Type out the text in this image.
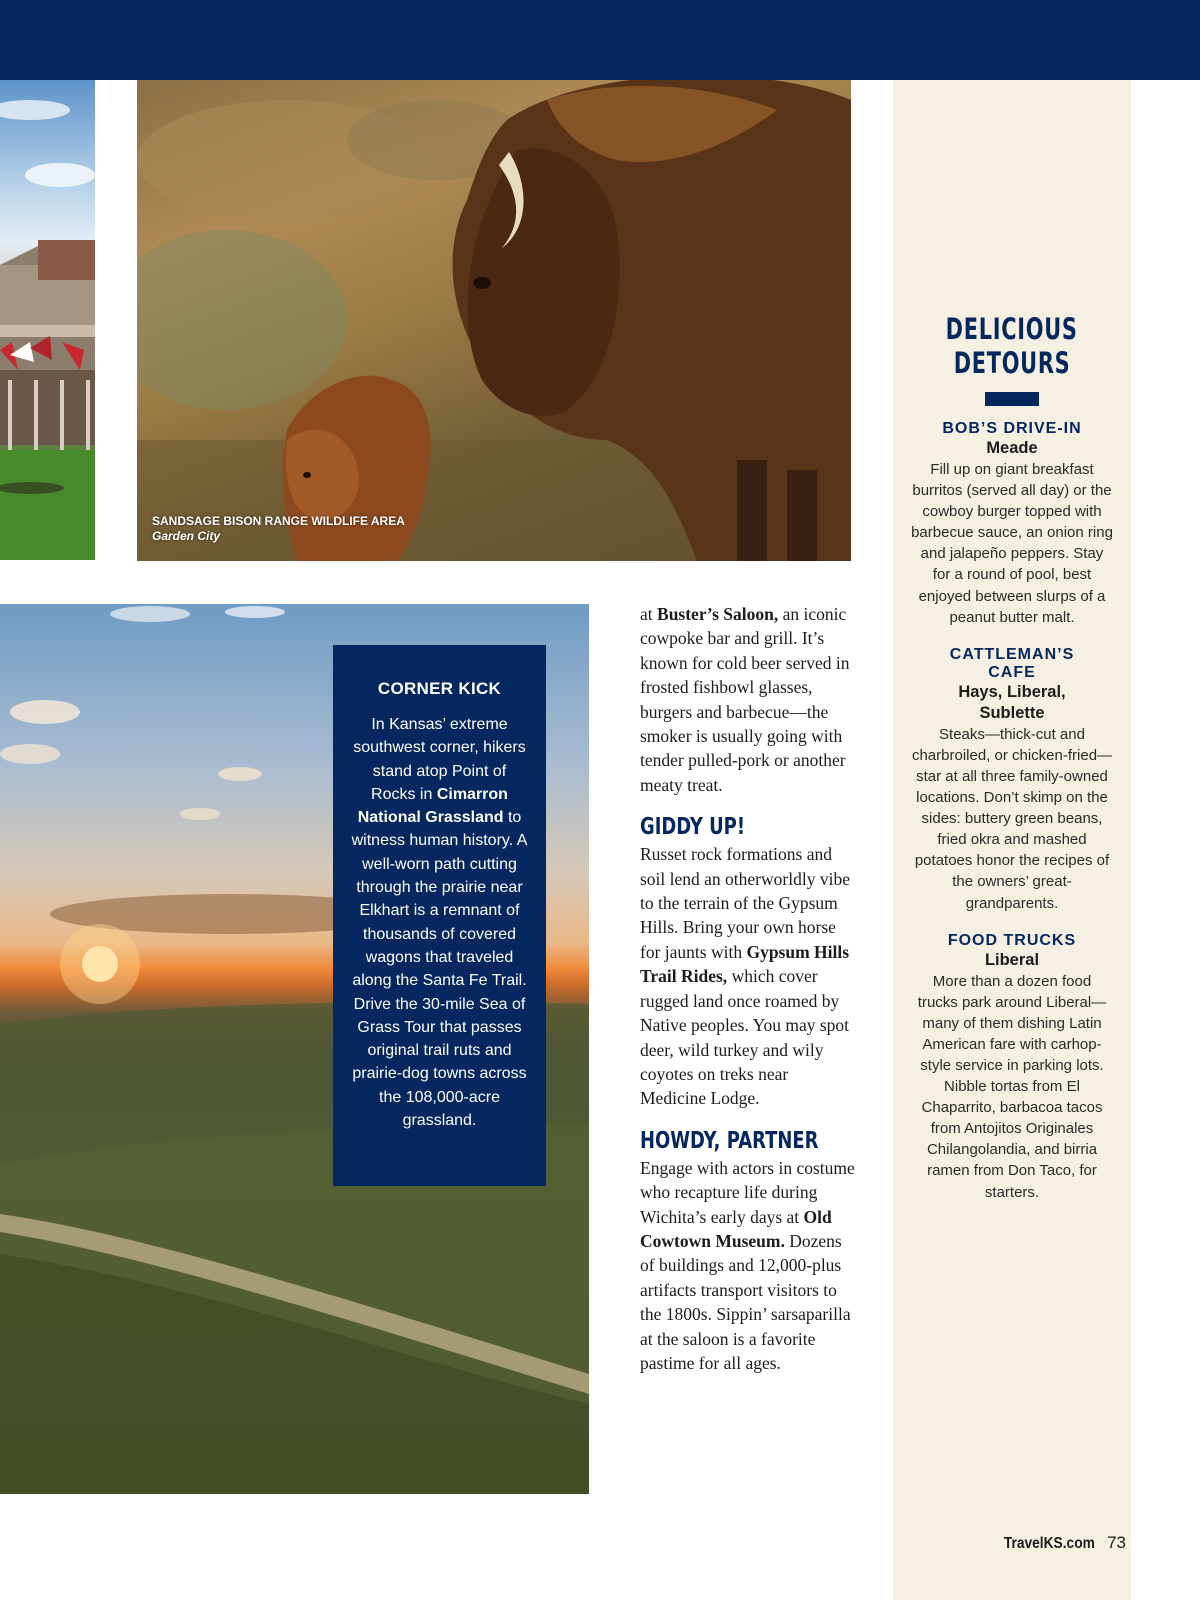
SANDSAGE BISON RANGE WILDLIFE AREA
Garden City
CORNER KICK
In Kansas’ extreme southwest corner, hikers stand atop Point of Rocks in Cimarron National Grassland to witness human history. A well-worn path cutting through the prairie near Elkhart is a remnant of thousands of covered wagons that traveled along the Santa Fe Trail. Drive the 30-mile Sea of Grass Tour that passes original trail ruts and prairie-dog towns across the 108,000-acre grassland.

at Buster’s Saloon, an iconic cowpoke bar and grill. It’s known for cold beer served in frosted fishbowl glasses, burgers and barbecue—the smoker is usually going with tender pulled-pork or another meaty treat.

GIDDY UP!

Russet rock formations and soil lend an otherworldly vibe to the terrain of the Gypsum Hills. Bring your own horse for jaunts with Gypsum Hills Trail Rides, which cover rugged land once roamed by Native peoples. You may spot deer, wild turkey and wily coyotes on treks near Medicine Lodge.

HOWDY, PARTNER

Engage with actors in costume who recapture life during Wichita’s early days at Old Cowtown Museum. Dozens of buildings and 12,000-plus artifacts transport visitors to the 1800s. Sippin’ sarsaparilla at the saloon is a favorite pastime for all ages.

DELICIOUS
DETOURS
BOB’S DRIVE-IN
Meade
Fill up on giant breakfast burritos (served all day) or the cowboy burger topped with barbecue sauce, an onion ring and jalapeño peppers. Stay for a round of pool, best enjoyed between slurps of a peanut butter malt.
CATTLEMAN’S CAFE
Hays, Liberal, Sublette
Steaks—thick-cut and charbroiled, or chicken-fried—star at all three family-owned locations. Don’t skimp on the sides: buttery green beans, fried okra and mashed potatoes honor the recipes of the owners’ great-grandparents.
FOOD TRUCKS
Liberal
More than a dozen food trucks park around Liberal—many of them dishing Latin American fare with carhop-style service in parking lots. Nibble tortas from El Chaparrito, barbacoa tacos from Antojitos Originales Chilangolandia, and birria ramen from Don Taco, for starters.
TravelKS.com 73
